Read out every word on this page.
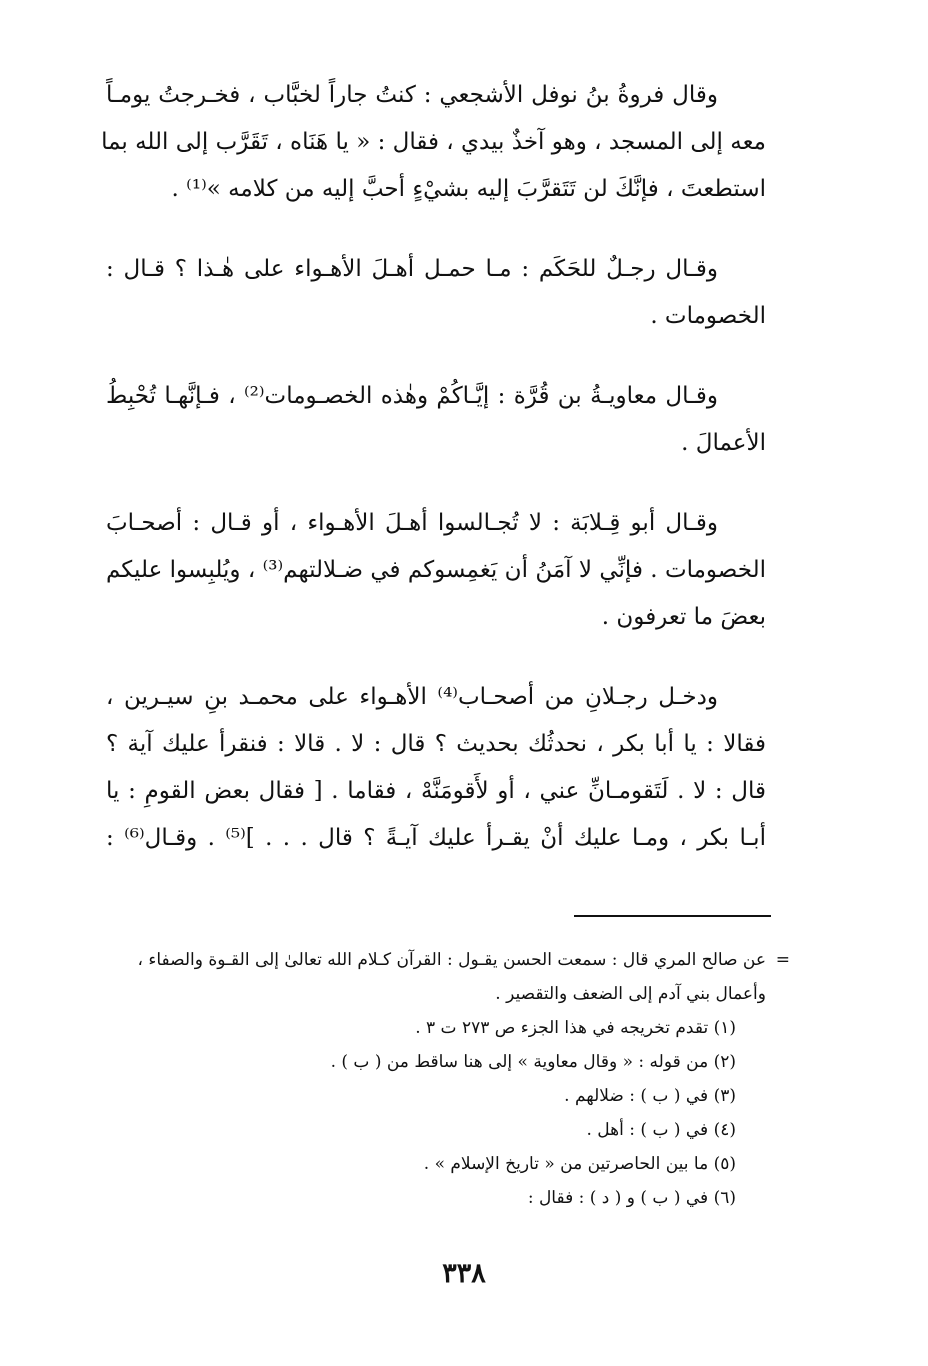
وقال فروةُ بنُ نوفل الأشجعي : كنتُ جاراً لخبَّاب ، فخـرجتُ يومـاً
معه إلى المسجد ، وهو آخذٌ بيدي ، فقال : « يا هَنَاه ، تَقَرَّب إلى الله بما
استطعتَ ، فإنَّكَ لن تَتَقرَّبَ إليه بشيْءٍ أحبَّ إليه من كلامه »⁽¹⁾ .

وقـال رجـلٌ للحَكَم : مـا حمـل أهـلَ الأهـواء على هٰـذا ؟ قـال :
الخصومات .

وقـال معاويـةُ بن قُرَّة : إيَّـاكُمْ وهٰذه الخصـومات⁽²⁾ ، فـإنَّهـا تُحْبِطُ
الأعمالَ .

وقـال أبو قِـلابَة : لا تُجـالسوا أهـلَ الأهـواء ، أو قـال : أصحـابَ
الخصومات . فإنِّي لا آمَنُ أن يَغمِسوكم في ضـلالتهم⁽³⁾ ، ويُلبِسوا عليكم
بعضَ ما تعرفون .

ودخـل رجـلانِ من أصحـاب⁽⁴⁾ الأهـواء على محمـد بنِ سيـرين ،
فقالا : يا أبا بكر ، نحدثُك بحديث ؟ قال : لا . قالا : فنقرأ عليك آية ؟
قال : لا . لَتَقومـانِّ عني ، أو لأَقومَنَّهْ ، فقاما . [ فقال بعض القومِ : يا
أبـا بكر ، ومـا عليك أنْ يقـرأ عليك آيـةً ؟ قال . . . ]⁽⁵⁾ . وقـال⁽⁶⁾ :

=
عن صالح المري قال : سمعت الحسن يقـول : القرآن كـلام الله تعالىٰ إلى القـوة والصفاء ،
وأعمال بني آدم إلى الضعف والتقصير .
(١) تقدم تخريجه في هذا الجزء ص ٢٧٣ ت ٣ .
(٢) من قوله : « وقال معاوية » إلى هنا ساقط من ( ب ) .
(٣) في ( ب ) : ضلالهم .
(٤) في ( ب ) : أهل .
(٥) ما بين الحاصرتين من « تاريخ الإسلام » .
(٦) في ( ب ) و ( د ) : فقال :
٣٣٨
